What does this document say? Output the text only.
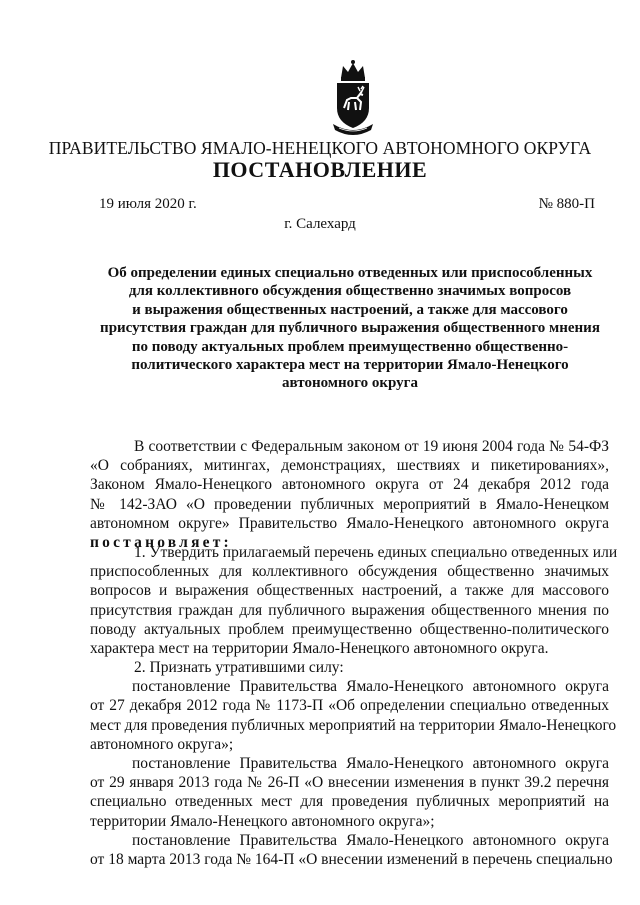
ПРАВИТЕЛЬСТВО ЯМАЛО-НЕНЕЦКОГО АВТОНОМНОГО ОКРУГА
ПОСТАНОВЛЕНИЕ
19 июля 2020 г.	№ 880-П
г. Салехард
Об определении единых специально отведенных или приспособленных
для коллективного обсуждения общественно значимых вопросов
и выражения общественных настроений, а также для массового
присутствия граждан для публичного выражения общественного мнения
по поводу актуальных проблем преимущественно общественно-
политического характера мест на территории Ямало-Ненецкого
автономного округа
В соответствии с Федеральным законом от 19 июня 2004 года № 54-ФЗ
«О собраниях, митингах, демонстрациях, шествиях и пикетированиях»,
Законом Ямало-Ненецкого автономного округа от 24 декабря 2012 года
№ 142-ЗАО «О проведении публичных мероприятий в Ямало-Ненецком
автономном округе» Правительство Ямало-Ненецкого автономного округа
постановляет:
1. Утвердить прилагаемый перечень единых специально отведенных или
приспособленных для коллективного обсуждения общественно значимых
вопросов и выражения общественных настроений, а также для массового
присутствия граждан для публичного выражения общественного мнения по
поводу актуальных проблем преимущественно общественно-политического
характера мест на территории Ямало-Ненецкого автономного округа.
2. Признать утратившими силу:
постановление Правительства Ямало-Ненецкого автономного округа
от 27 декабря 2012 года № 1173-П «Об определении специально отведенных
мест для проведения публичных мероприятий на территории Ямало-Ненецкого
автономного округа»;
постановление Правительства Ямало-Ненецкого автономного округа
от 29 января 2013 года № 26-П «О внесении изменения в пункт 39.2 перечня
специально отведенных мест для проведения публичных мероприятий на
территории Ямало-Ненецкого автономного округа»;
постановление Правительства Ямало-Ненецкого автономного округа
от 18 марта 2013 года № 164-П «О внесении изменений в перечень специально
